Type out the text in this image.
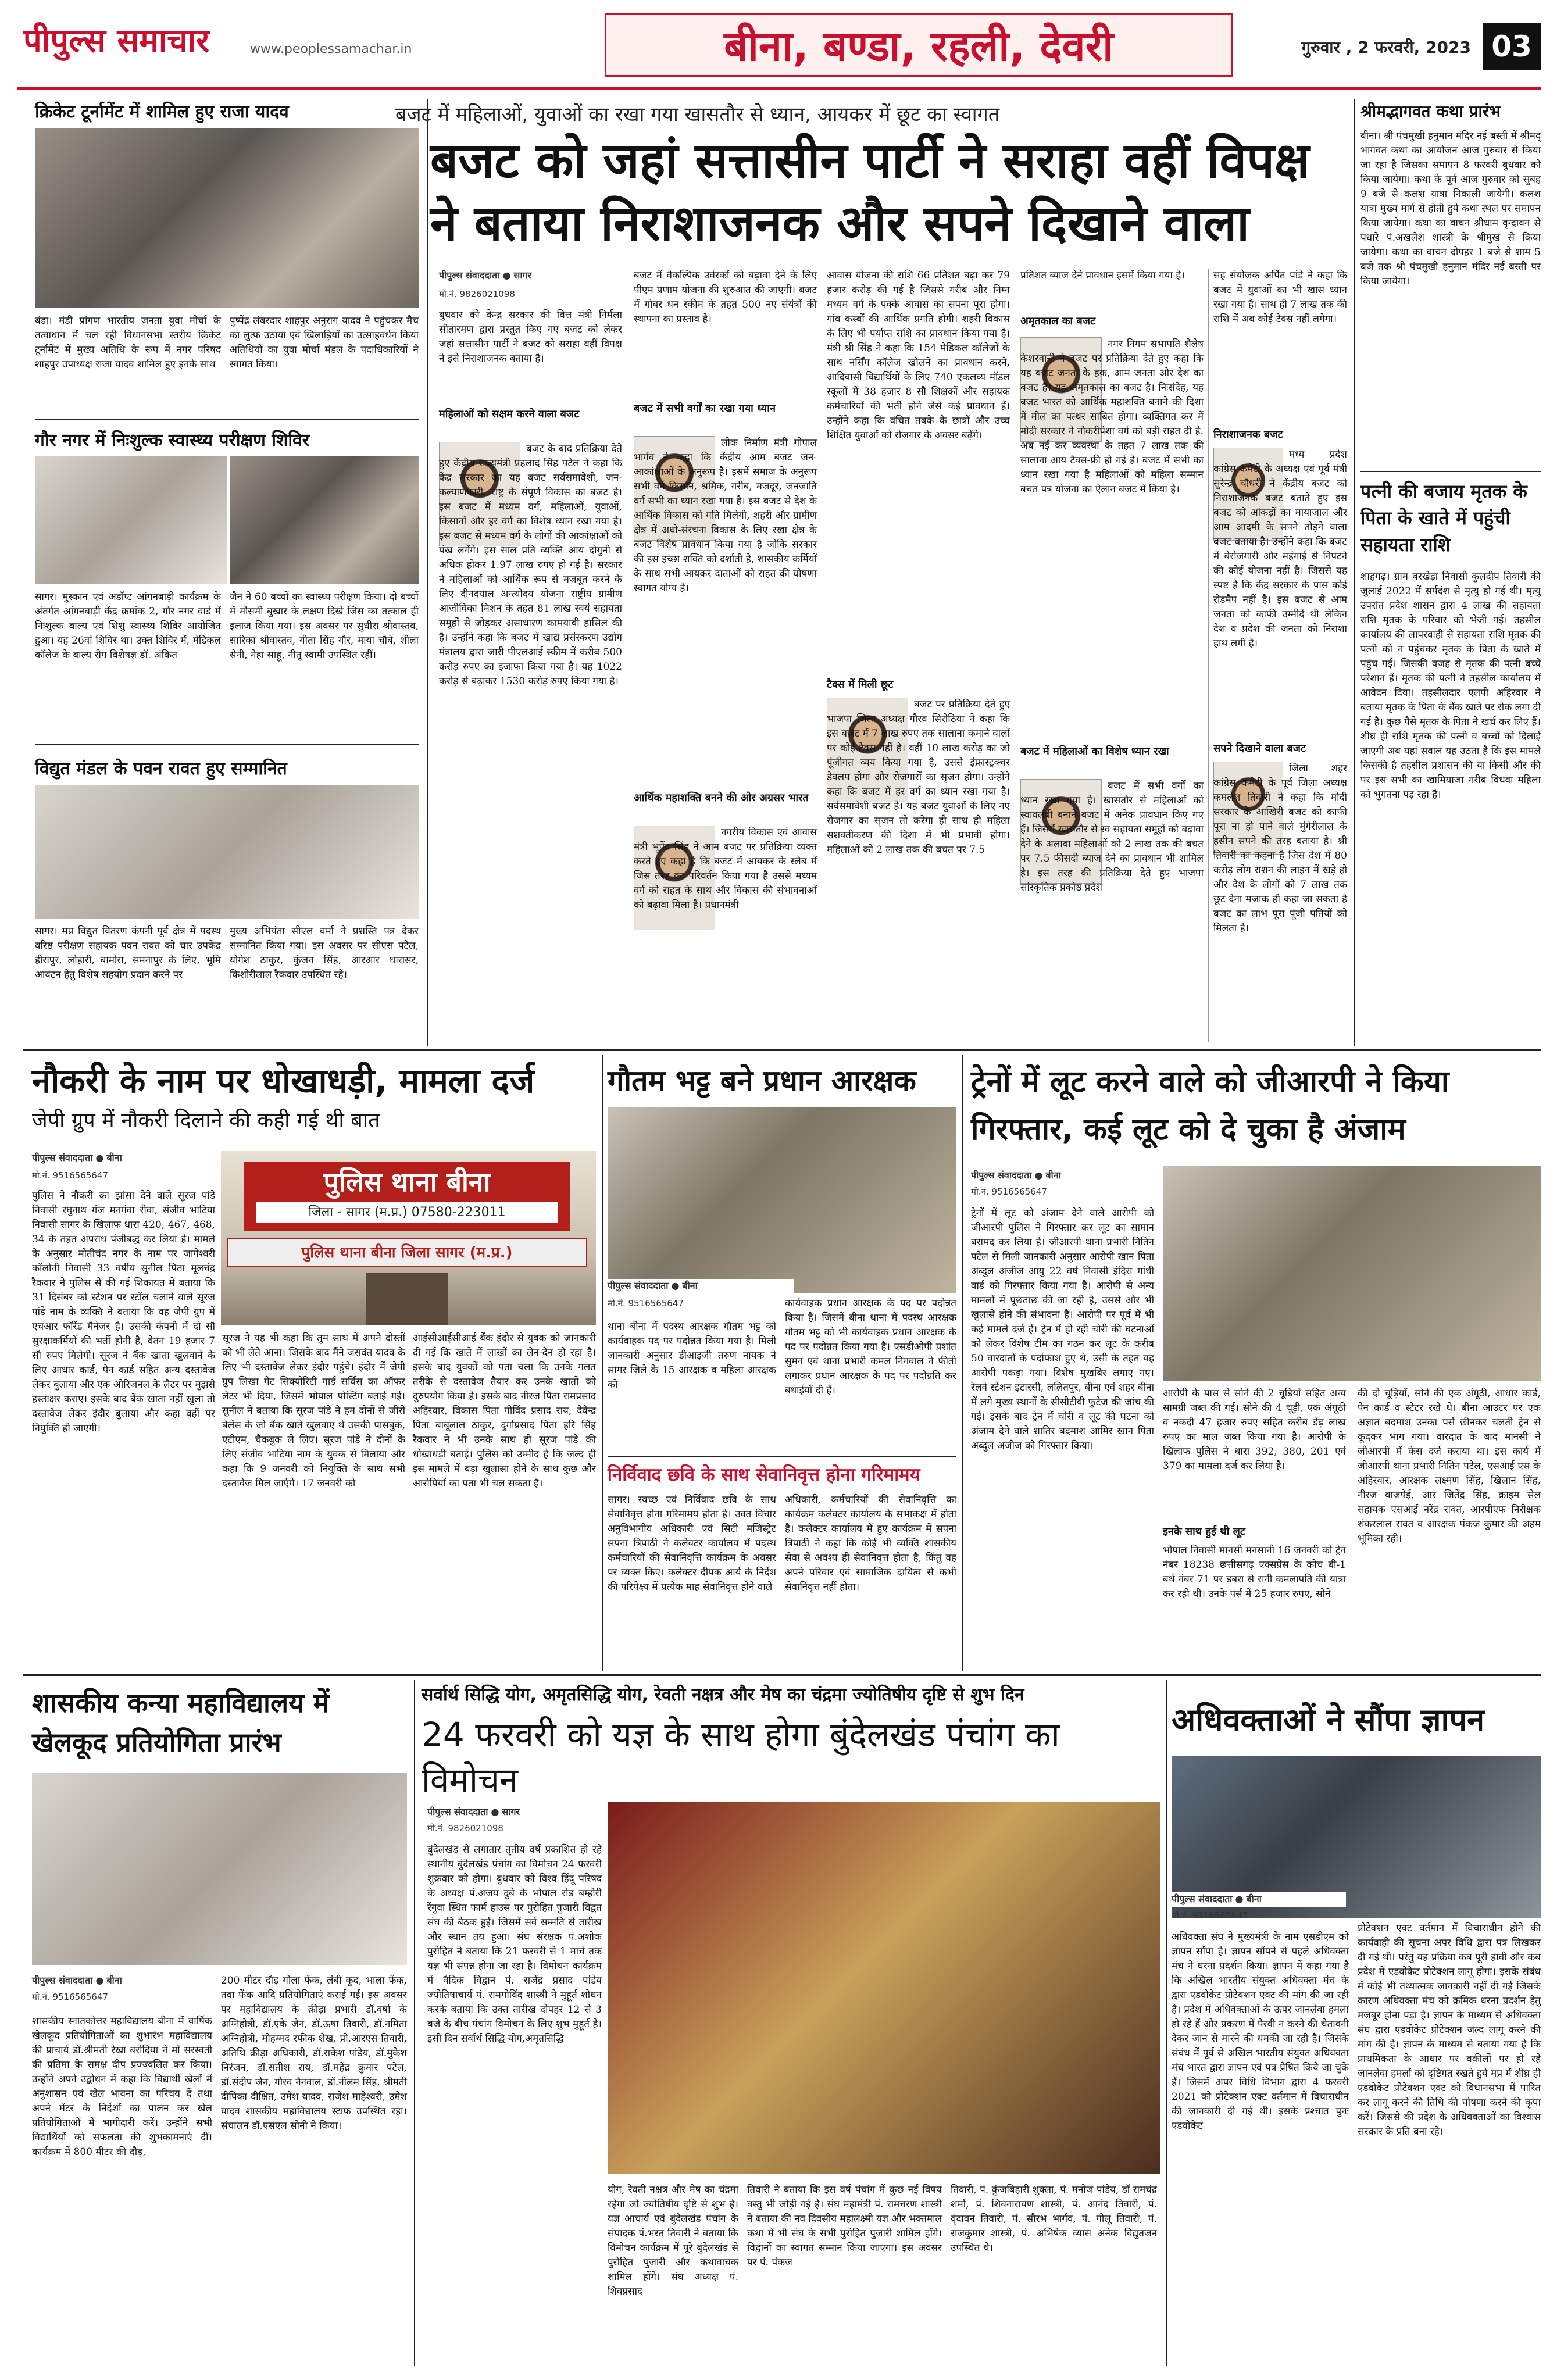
पीपुल्स समाचार	www.peoplessamachar.in	बीना, बण्डा, रहली, देवरी	गुरुवार , 2 फरवरी, 2023 03
क्रिकेट टूर्नामेंट में शामिल हुए राजा यादव
बंडा। मंडी प्रांगण भारतीय जनता युवा मोर्चा के तत्वाधान में चल रही विधानसभा स्तरीय क्रिकेट टूर्नामेंट में मुख्य अतिथि के रूप में नगर परिषद शाहपुर उपाध्यक्ष राजा यादव शामिल हुए इनके साथ
पुष्पेंद्र लंबरदार शाहपुर अनुराग यादव ने पहुंचकर मैच का लुत्फ उठाया एवं खिलाड़ियों का उत्साहवर्धन किया अतिथियों का युवा मोर्चा मंडल के पदाधिकारियों ने स्वागत किया।
गौर नगर में निःशुल्क स्वास्थ्य परीक्षण शिविर
सागर। मुस्कान एवं अडॉप्ट आंगनबाड़ी कार्यक्रम के अंतर्गत आंगनबाड़ी केंद्र क्रमांक 2, गौर नगर वार्ड में निःशुल्क बाल्य एवं शिशु स्वास्थ्य शिविर आयोजित हुआ। यह 26वां शिविर था। उक्त शिविर में, मेडिकल कॉलेज के बाल्य रोग विशेषज्ञ डॉ. अंकित
जैन ने 60 बच्चों का स्वास्थ्य परीक्षण किया। दो बच्चों में मौसमी बुखार के लक्षण दिखे जिस का तत्काल ही इलाज किया गया। इस अवसर पर सुधीरा श्रीवास्तव, सारिका श्रीवास्तव, गीता सिंह गौर, माया चौबे, शीला सैनी, नेहा साहू, नीतू स्वामी उपस्थित रहीं।
विद्युत मंडल के पवन रावत हुए सम्मानित
सागर। मप्र विद्युत वितरण कंपनी पूर्व क्षेत्र में पदस्थ वरिष्ठ परीक्षण सहायक पवन रावत को चार उपकेंद्र हीरापुर, लोहारी, बामोरा, समनापुर के लिए, भूमि आवंटन हेतु विशेष सहयोग प्रदान करने पर
मुख्य अभियंता सीएल वर्मा ने प्रशस्ति पत्र देकर सम्मानित किया गया। इस अवसर पर सीएस पटेल, योगेश ठाकुर, कुंजन सिंह, आरआर धारासर, किशोरीलाल रैकवार उपस्थित रहे।
बजट में महिलाओं, युवाओं का रखा गया खासतौर से ध्यान, आयकर में छूट का स्वागत
बजट को जहां सत्तासीन पार्टी ने सराहा वहीं विपक्ष ने बताया निराशाजनक और सपने दिखाने वाला
पीपुल्स संवाददाता ● सागर
मो.नं. 9826021098
बुधवार को केन्द्र सरकार की वित्त मंत्री निर्मला सीतारमण द्वारा प्रस्तुत किए गए बजट को लेकर जहां सत्तासीन पार्टी ने बजट को सराहा वहीं विपक्ष ने इसे निराशाजनक बताया है।
महिलाओं को सक्षम करने वाला बजट
बजट के बाद प्रतिक्रिया देते हुए केंद्रीय राज्यमंत्री प्रहलाद सिंह पटेल ने कहा कि केंद्र सरकार का यह बजट सर्वसमावेशी, जन-कल्याणकारी, राष्ट्र के संपूर्ण विकास का बजट है। इस बजट में मध्यम वर्ग, महिलाओं, युवाओं, किसानों और हर वर्ग का विशेष ध्यान रखा गया है। इस बजट से मध्यम वर्ग के लोगों की आकांक्षाओं को पंख लगेंगे। इस साल प्रति व्यक्ति आय दोगुनी से अधिक होकर 1.97 लाख रुपए हो गई है। सरकार ने महिलाओं को आर्थिक रूप से मजबूत करने के लिए दीनदयाल अन्त्योदय योजना राष्ट्रीय ग्रामीण आजीविका मिशन के तहत 81 लाख स्वयं सहायता समूहों से जोड़कर असाधारण कामयाबी हासिल की है। उन्होंने कहा कि बजट में खाद्य प्रसंस्करण उद्योग मंत्रालय द्वारा जारी पीएलआई स्कीम में करीब 500 करोड़ रुपए का इजाफा किया गया है। यह 1022 करोड़ से बढ़ाकर 1530 करोड़ रुपए किया गया है।
बजट में वैकल्पिक उर्वरकों को बढ़ावा देने के लिए पीएम प्रणाम योजना की शुरुआत की जाएगी। बजट में गोबर धन स्कीम के तहत 500 नए संयंत्रों की स्थापना का प्रस्ताव है।
बजट में सभी वर्गों का रखा गया ध्यान
लोक निर्माण मंत्री गोपाल भार्गव ने कहा कि केंद्रीय आम बजट जन-आकांक्षाओं के अनुरूप है। इसमें समाज के अनुरूप सभी वर्ग किसान, श्रमिक, गरीब, मजदूर, जनजाति वर्ग सभी का ध्यान रखा गया है। इस बजट से देश के आर्थिक विकास को गति मिलेगी, शहरी और ग्रामीण क्षेत्र में अधो-संरचना विकास के लिए रखा क्षेत्र के बजट विशेष प्रावधान किया गया है जोकि सरकार की इस इच्छा शक्ति को दर्शाती है, शासकीय कर्मियों के साथ सभी आयकर दाताओं को राहत की घोषणा स्वागत योग्य है।
आर्थिक महाशक्ति बनने की ओर अग्रसर भारत
नगरीय विकास एवं आवास मंत्री भूपेंद्र सिंह ने आम बजट पर प्रतिक्रिया व्यक्त करते हुए कहा है कि बजट में आयकर के स्लैब में जिस तरह का परिवर्तन किया गया है उससे मध्यम वर्ग को राहत के साथ और विकास की संभावनाओं को बढ़ावा मिला है। प्रधानमंत्री
आवास योजना की राशि 66 प्रतिशत बढ़ा कर 79 हजार करोड़ की गई है जिससे गरीब और निम्न मध्यम वर्ग के पक्के आवास का सपना पूरा होगा। गांव कस्बों की आर्थिक प्रगति होगी। शहरी विकास के लिए भी पर्याप्त राशि का प्रावधान किया गया है। मंत्री श्री सिंह ने कहा कि 154 मेडिकल कॉलेजों के साथ नर्सिंग कॉलेज खोलने का प्रावधान करने, आदिवासी विद्यार्थियों के लिए 740 एकलव्य मॉडल स्कूलों में 38 हजार 8 सौ शिक्षकों और सहायक कर्मचारियों की भर्ती होने जैसे कई प्रावधान हैं। उन्होंने कहा कि वंचित तबके के छात्रों और उच्च शिक्षित युवाओं को रोजगार के अवसर बढ़ेंगे।
टैक्स में मिली छूट
बजट पर प्रतिक्रिया देते हुए भाजपा जिला अध्यक्ष गौरव सिरोठिया ने कहा कि इस बजट में 7 लाख रुपए तक सालाना कमाने वालों पर कोई टैक्स नहीं है। वहीं 10 लाख करोड़ का जो पूंजीगत व्यय किया गया है, उससे इंफ्रास्ट्रक्चर डेवलप होगा और रोजगारों का सृजन होगा। उन्होंने कहा कि बजट में हर वर्ग का ध्यान रखा गया है। सर्वसमावेशी बजट है। यह बजट युवाओं के लिए नए रोजगार का सृजन तो करेगा ही साथ ही महिला सशक्तीकरण की दिशा में भी प्रभावी होगा। महिलाओं को 2 लाख तक की बचत पर 7.5
प्रतिशत ब्याज देने प्रावधान इसमें किया गया है।
अमृतकाल का बजट
नगर निगम सभापति शैलेष केशरवानी ने बजट पर प्रतिक्रिया देते हुए कहा कि यह बजट जनता के हक, आम जनता और देश का बजट है। यह अमृतकाल का बजट है। निःसंदेह, यह बजट भारत को आर्थिक महाशक्ति बनाने की दिशा में मील का पत्थर साबित होगा। व्यक्तिगत कर में मोदी सरकार ने नौकरीपेशा वर्ग को बड़ी राहत दी है. अब नई कर व्यवस्था के तहत 7 लाख तक की सालाना आय टैक्स-फ्री हो गई है। बजट में सभी का ध्यान रखा गया है महिलाओं को महिला सम्मान बचत पत्र योजना का ऐलान बजट में किया है।
बजट में महिलाओं का विशेष ध्यान रखा
बजट में सभी वर्गों का ध्यान रखा गया है। खासतौर से महिलाओं को स्वावलंबी बनाने बजट में अनेक प्रावधान किए गए हैं। जिसमें खासतौर से स्व सहायता समूहों को बढ़ावा देने के अलावा महिलाओं को 2 लाख तक की बचत पर 7.5 फीसदी ब्याज देने का प्रावधान भी शामिल है। इस तरह की प्रतिक्रिया देते हुए भाजपा सांस्कृतिक प्रकोष्ठ प्रदेश
सह संयोजक अर्पित पांडे ने कहा कि बजट में युवाओं का भी खास ध्यान रखा गया है। साथ ही 7 लाख तक की राशि में अब कोई टैक्स नहीं लगेगा।
निराशाजनक बजट
मध्य प्रदेश कांग्रेस कमेटी के अध्यक्ष एवं पूर्व मंत्री सुरेन्द्र चौधरी ने केंद्रीय बजट को निराशाजनक बजट बताते हुए इस बजट को आंकड़ों का मायाजाल और आम आदमी के सपने तोड़ने वाला बजट बताया है। उन्होंने कहा कि बजट में बेरोजगारी और महंगाई से निपटने की कोई योजना नहीं है। जिससे यह स्पष्ट है कि केंद्र सरकार के पास कोई रोडमैप नहीं है। इस बजट से आम जनता को काफी उम्मीदें थी लेकिन देश व प्रदेश की जनता को निराशा हाथ लगी है।
सपने दिखाने वाला बजट
जिला शहर कांग्रेस कमेटी के पूर्व जिला अध्यक्ष कमलेश तिवारी ने कहा कि मोदी सरकार के आखिरी बजट को काफी पूरा ना हो पाने वाले मुंगेरीलाल के हसीन सपने की तरह बताया है। श्री तिवारी का कहना है जिस देश में 80 करोड़ लोग राशन की लाइन में खड़े हो और देश के लोगों को 7 लाख तक छूट देना मजाक ही कहा जा सकता है बजट का लाभ पूरा पूंजी पतियों को मिलता है।
श्रीमद्भागवत कथा प्रारंभ
बीना। श्री पंचमुखी हनुमान मंदिर नई बस्ती में श्रीमद् भागवत कथा का आयोजन आज गुरुवार से किया जा रहा है जिसका समापन 8 फरवरी बुधवार को किया जायेगा। कथा के पूर्व आज गुरुवार को सुबह 9 बजे से कलश यात्रा निकाली जायेगी। कलश यात्रा मुख्य मार्ग से होती हुये कथा स्थल पर समापन किया जायेगा। कथा का वाचन श्रीधाम वृन्दावन से पधारे पं.अखलेश शास्त्री के श्रीमुख से किया जायेगा। कथा का वाचन दोपहर 1 बजे से शाम 5 बजे तक श्री पंचमुखी हनुमान मंदिर नई बस्ती पर किया जायेगा।
पत्नी की बजाय मृतक के पिता के खाते में पहुंची सहायता राशि
शाहगढ़। ग्राम बरखेड़ा निवासी कुलदीप तिवारी की जुलाई 2022 में सर्पदंश से मृत्यु हो गई थी। मृत्यु उपरांत प्रदेश शासन द्वारा 4 लाख की सहायता राशि मृतक के परिवार को भेजी गई। तहसील कार्यालय की लापरवाही से सहायता राशि मृतक की पत्नी को न पहुंचकर मृतक के पिता के खाते में पहुंच गई। जिसकी वजह से मृतक की पत्नी बच्चे परेशान हैं। मृतक की पत्नी ने तहसील कार्यालय में आवेदन दिया। तहसीलदार एलपी अहिरवार ने बताया मृतक के पिता के बैंक खाते पर रोक लगा दी गई है। कुछ पैसे मृतक के पिता ने खर्च कर लिए हैं। शीघ्र ही राशि मृतक की पत्नी व बच्चों को दिलाई जाएगी अब यहां सवाल यह उठता है कि इस मामले किसकी है तहसील प्रशासन की या किसी और की पर इस सभी का खामियाजा गरीब विधवा महिला को भुगतना पड़ रहा है।
नौकरी के नाम पर धोखाधड़ी, मामला दर्ज
जेपी ग्रुप में नौकरी दिलाने की कही गई थी बात
पीपुल्स संवाददाता ● बीना
मो.नं. 9516565647	पुलिस थाना बीना
जिला - सागर (म.प्र.) 07580-223011
पुलिस थाना बीना जिला सागर (म.प्र.)
पुलिस ने नौकरी का झांसा देने वाले सूरज पांडे निवासी रघुनाथ गंज मनगंवा रीवा, संजीव भाटिया निवासी सागर के खिलाफ धारा 420, 467, 468, 34 के तहत अपराध पंजीबद्ध कर लिया है। मामले के अनुसार मोतीचंद नगर के नाम पर जागेश्वरी कॉलोनी निवासी 33 वर्षीय सुनील पिता मूलचंद्र रैकवार ने पुलिस से की गई शिकायत में बताया कि 31 दिसंबर को स्टेशन पर स्टॉल चलाने वाले सूरज पांडे नाम के व्यक्ति ने बताया कि वह जेपी ग्रुप में एचआर फॉरेंड मैनेजर है। उसकी कंपनी में दो सौ सुरक्षाकर्मियों की भर्ती होनी है, वेतन 19 हजार 7 सौ रुपए मिलेगी। सूरज ने बैंक खाता खुलवाने के लिए आधार कार्ड, पैन कार्ड सहित अन्य दस्तावेज लेकर बुलाया और एक ओरिजनल के लैटर पर मुझसे हस्ताक्षर कराए। इसके बाद बैंक खाता नहीं खुला तो दस्तावेज लेकर इंदौर बुलाया और कहा वहीं पर नियुक्ति हो जाएगी।
सूरज ने यह भी कहा कि तुम साथ में अपने दोस्तों को भी लेते आना। जिसके बाद मैंने जसवंत यादव के लिए भी दस्तावेज लेकर इंदौर पहुंचे। इंदौर में जेपी ग्रुप लिखा गेट सिक्योरिटी गार्ड सर्विस का ऑफर लेटर भी दिया, जिसमें भोपाल पोस्टिंग बताई गई। सुनील ने बताया कि सूरज पांडे ने हम दोनों से जीरो बैलेंस के जो बैंक खाते खुलवाए थे उसकी पासबुक, एटीएम, चैकबुक ले लिए। सूरज पांडे ने दोनों के लिए संजीव भाटिया नाम के युवक से मिलाया और कहा कि 9 जनवरी को नियुक्ति के साथ सभी दस्तावेज मिल जाएंगे। 17 जनवरी को
आईसीआईसीआई बैंक इंदौर से युवक को जानकारी दी गई कि खाते में लाखों का लेन-देन हो रहा है। इसके बाद युवकों को पता चला कि उनके गलत तरीके से दस्तावेज तैयार कर उनके खातों को दुरुपयोग किया है। इसके बाद नीरज पिता रामप्रसाद अहिरवार, विकास पिता गोविंद प्रसाद राय, देवेन्द्र पिता बाबूलाल ठाकुर, दुर्गाप्रसाद पिता हरि सिंह रैकवार ने भी उनके साथ ही सूरज पांडे की धोखाधड़ी बताई। पुलिस को उम्मीद है कि जल्द ही इस मामले में बड़ा खुलासा होने के साथ कुछ और आरोपियों का पता भी चल सकता है।
गौतम भट्ट बने प्रधान आरक्षक
पीपुल्स संवाददाता ● बीना
मो.नं. 9516565647
थाना बीना में पदस्थ आरक्षक गौतम भट्ट को कार्यवाहक पद पर पदोन्नत किया गया है। मिली जानकारी अनुसार डीआइजी तरुण नायक ने सागर जिले के 15 आरक्षक व महिला आरक्षक को
कार्यवाहक प्रधान आरक्षक के पद पर पदोन्नत किया है। जिसमें बीना थाना में पदस्थ आरक्षक गौतम भट्ट को भी कार्यवाहक प्रधान आरक्षक के पद पर पदोन्नत किया गया है। एसडीओपी प्रशांत सुमन एवं थाना प्रभारी कमल निगवाल ने फीती लगाकर प्रधान आरक्षक के पद पर पदोन्नति कर बधाईयाँ दी हैं।
निर्विवाद छवि के साथ सेवानिवृत्त होना गरिमामय
सागर। स्वच्छ एवं निर्विवाद छवि के साथ सेवानिवृत्त होना गरिमामय होता है। उक्त विचार अनुविभागीय अधिकारी एवं सिटी मजिस्ट्रेट सपना त्रिपाठी ने कलेक्टर कार्यालय में पदस्थ कर्मचारियों की सेवानिवृत्ति कार्यक्रम के अवसर पर व्यक्त किए। कलेक्टर दीपक आर्य के निर्देश की परिपेक्ष्य में प्रत्येक माह सेवानिवृत्त होने वाले
अधिकारी, कर्मचारियों की सेवानिवृत्ति का कार्यक्रम कलेक्टर कार्यालय के सभाकक्ष में होता है। कलेक्टर कार्यालय में हुए कार्यक्रम में सपना त्रिपाठी ने कहा कि कोई भी व्यक्ति शासकीय सेवा से अवश्य ही सेवानिवृत्त होता है, किंतु वह अपने परिवार एवं सामाजिक दायित्व से कभी सेवानिवृत्त नहीं होता।
ट्रेनों में लूट करने वाले को जीआरपी ने किया गिरफ्तार, कई लूट को दे चुका है अंजाम
पीपुल्स संवाददाता ● बीना
मो.नं. 9516565647
ट्रेनों में लूट को अंजाम देने वाले आरोपी को जीआरपी पुलिस ने गिरफ्तार कर लूट का सामान बरामद कर लिया है। जीआरपी थाना प्रभारी नितिन पटेल से मिली जानकारी अनुसार आरोपी खान पिता अब्दुल अजीज आयु 22 वर्ष निवासी इंदिरा गांधी वार्ड को गिरफ्तार किया गया है। आरोपी से अन्य मामलों में पूछताछ की जा रही है, उससे और भी खुलासे होने की संभावना है। आरोपी पर पूर्व में भी कई मामले दर्ज हैं। ट्रेन में हो रही चोरी की घटनाओं को लेकर विशेष टीम का गठन कर लूट के करीब 50 वारदातों के पर्दाफाश हुए थे, उसी के तहत यह आरोपी पकड़ा गया। विशेष मुखबिर लगाए गए। रेलवे स्टेशन इटारसी, ललितपुर, बीना एवं शहर बीना में लगे मुख्य स्थानों के सीसीटीवी फुटेज की जांच की गई। इसके बाद ट्रेन में चोरी व लूट की घटना को अंजाम देने वाले शातिर बदमाश आमिर खान पिता अब्दुल अजीज को गिरफ्तार किया।
आरोपी के पास से सोने की 2 चूड़ियाँ सहित अन्य सामग्री जब्त की गई। सोने की 4 चूड़ी, एक अंगूठी व नकदी 47 हजार रुपए सहित करीब डेढ़ लाख रुपए का माल जब्त किया गया है। आरोपी के खिलाफ पुलिस ने धारा 392, 380, 201 एवं 379 का मामला दर्ज कर लिया है।
इनके साथ हुई थी लूट
भोपाल निवासी मानसी मनसानी 16 जनवरी को ट्रेन नंबर 18238 छत्तीसगढ़ एक्सप्रेस के कोच बी-1 बर्थ नंबर 71 पर डबरा से रानी कमलापति की यात्रा कर रही थी। उनके पर्स में 25 हजार रुपए, सोने
की दो चूड़ियाँ, सोने की एक अंगूठी, आधार कार्ड, पेन कार्ड व स्टेटर रखे थे। बीना आउटर पर एक अज्ञात बदमाश उनका पर्स छीनकर चलती ट्रेन से कूदकर भाग गया। वारदात के बाद मानसी ने जीआरपी में केस दर्ज कराया था। इस कार्य में जीआरपी थाना प्रभारी नितिन पटेल, एसआई एस के अहिरवार, आरक्षक लक्ष्मण सिंह, खिलान सिंह, नीरज वाजपेई, आर जितेंद्र सिंह, क्राइम सेल सहायक एसआई नरेंद्र रावत, आरपीएफ निरीक्षक शंकरलाल रावत व आरक्षक पंकज कुमार की अहम भूमिका रही।
शासकीय कन्या महाविद्यालय में खेलकूद प्रतियोगिता प्रारंभ
पीपुल्स संवाददाता ● बीना
मो.नं. 9516565647
शासकीय स्नातकोत्तर महाविद्यालय बीना में वार्षिक खेलकूद प्रतियोगिताओं का शुभारंभ महाविद्यालय की प्राचार्य डॉ.श्रीमती रेखा बरोदिया ने माँ सरस्वती की प्रतिमा के समक्ष दीप प्रज्ज्वलित कर किया। उन्होंने अपने उद्बोधन में कहा कि विद्यार्थी खेलों में अनुशासन एवं खेल भावना का परिचय दें तथा अपने मेंटर के निर्देशों का पालन कर खेल प्रतियोगिताओं में भागीदारी करें। उन्होंने सभी विद्यार्थियों को सफलता की शुभकामनाएं दीं। कार्यक्रम में 800 मीटर की दौड़,
200 मीटर दौड़ गोला फेंक, लंबी कूद, भाला फेंक, तवा फेंक आदि प्रतियोगिताएं कराई गईं। इस अवसर पर महाविद्यालय के क्रीड़ा प्रभारी डॉ.वर्षा के अग्निहोत्री, डॉ.एके जैन, डॉ.ऊषा तिवारी, डॉ.नमिता अग्निहोत्री, मोहम्मद रफीक शेख, प्रो.आरएस तिवारी, अतिथि क्रीड़ा अधिकारी, डॉ.राकेश पांडेय, डॉ.मुकेश निरंजन, डॉ.सतीश राय, डॉ.महेंद्र कुमार पटेल, डॉ.संदीप जैन, गौरव नैनवाल, डॉ.नीलम सिंह, श्रीमती दीपिका दीक्षित, उमेश यादव, राजेश माहेश्वरी, उमेश यादव शासकीय महाविद्यालय स्टाफ उपस्थित रहा। संचालन डॉ.एसएल सोनी ने किया।
सर्वार्थ सिद्धि योग, अमृतसिद्धि योग, रेवती नक्षत्र और मेष का चंद्रमा ज्योतिषीय दृष्टि से शुभ दिन
24 फरवरी को यज्ञ के साथ होगा बुंदेलखंड पंचांग का विमोचन
पीपुल्स संवाददाता ● सागर
मो.नं. 9826021098
बुंदेलखंड से लगातार तृतीय वर्ष प्रकाशित हो रहे स्थानीय बुंदेलखंड पंचांग का विमोचन 24 फरवरी शुक्रवार को होगा। बुधवार को विश्व हिंदू परिषद के अध्यक्ष पं.अजय दुबे के भोपाल रोड बम्होरी रेंगुवा स्थित फार्म हाउस पर पुरोहित पुजारी विद्वत संघ की बैठक हुई। जिसमें सर्व सम्मति से तारीख और स्थान तय हुआ। संघ संरक्षक पं.अशोक पुरोहित ने बताया कि 21 फरवरी से 1 मार्च तक यज्ञ भी संपन्न होना जा रहा है। विमोचन कार्यक्रम में वैदिक विद्वान पं. राजेंद्र प्रसाद पांडेय ज्योतिषाचार्य पं. रामगोविंद शास्त्री ने मुहूर्त शोधन करके बताया कि उक्त तारीख दोपहर 12 से 3 बजे के बीच पंचांग विमोचन के लिए शुभ मुहूर्त है। इसी दिन सर्वार्थ सिद्धि योग,अमृतसिद्धि
योग, रेवती नक्षत्र और मेष का चंद्रमा रहेगा जो ज्योतिषीय दृष्टि से शुभ है। यज्ञ आचार्य एवं बुंदेलखंड पंचांग के संपादक पं.भरत तिवारी ने बताया कि विमोचन कार्यक्रम में पूरे बुंदेलखंड से पुरोहित पुजारी और कथावाचक शामिल होंगे। संघ अध्यक्ष पं. शिवप्रसाद
तिवारी ने बताया कि इस वर्ष पंचांग में कुछ नई विषय वस्तु भी जोड़ी गई है। संघ महामंत्री पं. रामचरण शास्त्री ने बताया की नव दिवसीय महालक्ष्मी यज्ञ और भक्तमाल कथा में भी संघ के सभी पुरोहित पुजारी शामिल होंगे। विद्वानों का स्वागत सम्मान किया जाएगा। इस अवसर पर पं. पंकज
तिवारी, पं. कुंजबिहारी शुक्ला, पं. मनोज पांडेय, डॉ रामचंद्र शर्मा, पं. शिवनारायण शास्त्री, पं. आनंद तिवारी, पं. वृंदावन तिवारी, पं. सौरभ भार्गव, पं. गोलू तिवारी, पं. राजकुमार शास्त्री, पं. अभिषेक व्यास अनेक विद्युतजन उपस्थित थे।
अधिवक्ताओं ने सौंपा ज्ञापन
पीपुल्स संवाददाता ● बीना
मो.नं. 9516565647
अधिवक्ता संघ ने मुख्यमंत्री के नाम एसडीएम को ज्ञापन सौंपा है। ज्ञापन सौंपने से पहले अधिवक्ता मंच ने धरना प्रदर्शन किया। ज्ञापन में कहा गया है कि अखिल भारतीय संयुक्त अधिवक्ता मंच के द्वारा एडवोकेट प्रोटेक्शन एक्ट की मांग की जा रही है। प्रदेश में अधिवक्ताओं के ऊपर जानलेवा हमला हो रहे हैं और प्रकरण में पैरवी न करने की चेतावनी देकर जान से मारने की धमकी जा रही है। जिसके संबंध में पूर्व से अखिल भारतीय संयुक्त अधिवक्ता मंच भारत द्वारा ज्ञापन एवं पत्र प्रेषित किये जा चुके हैं। जिसमें अपर विधि विभाग द्वारा 4 फरवरी 2021 को प्रोटेक्शन एक्ट वर्तमान में विचाराधीन की जानकारी दी गई थी। इसके प्रश्चात पुनः एडवोकेट
प्रोटेक्शन एक्ट वर्तमान में विचाराधीन होने की कार्यवाही की सूचना अपर विधि द्वारा पत्र लिखकर दी गई थी। परंतु यह प्रक्रिया कब पूरी हावी और कब प्रदेश में एडवोकेट प्रोटेक्शन लागू होगा। इसके संबंध में कोई भी तथ्यात्मक जानकारी नहीं दी गई जिसके कारण अधिवक्ता मंच को क्रमिक धरना प्रदर्शन हेतु मजबूर होना पड़ा है। ज्ञापन के माध्यम से अधिवक्ता संघ द्वारा एडवोकेट प्रोटेक्शन जल्द लागू करने की मांग की है। ज्ञापन के माध्यम से बताया गया है कि प्राथमिकता के आधार पर वकीलों पर हो रहे जानलेवा हमलों को दृष्टिगत रखते हुये मप्र में शीघ्र ही एडवोकेट प्रोटेक्शन एक्ट को विधानसभा में पारित कर लागू करने की तिथि की घोषणा करने की कृपा करें। जिससे की प्रदेश के अधिवक्ताओं का विश्वास सरकार के प्रति बना रहे।
